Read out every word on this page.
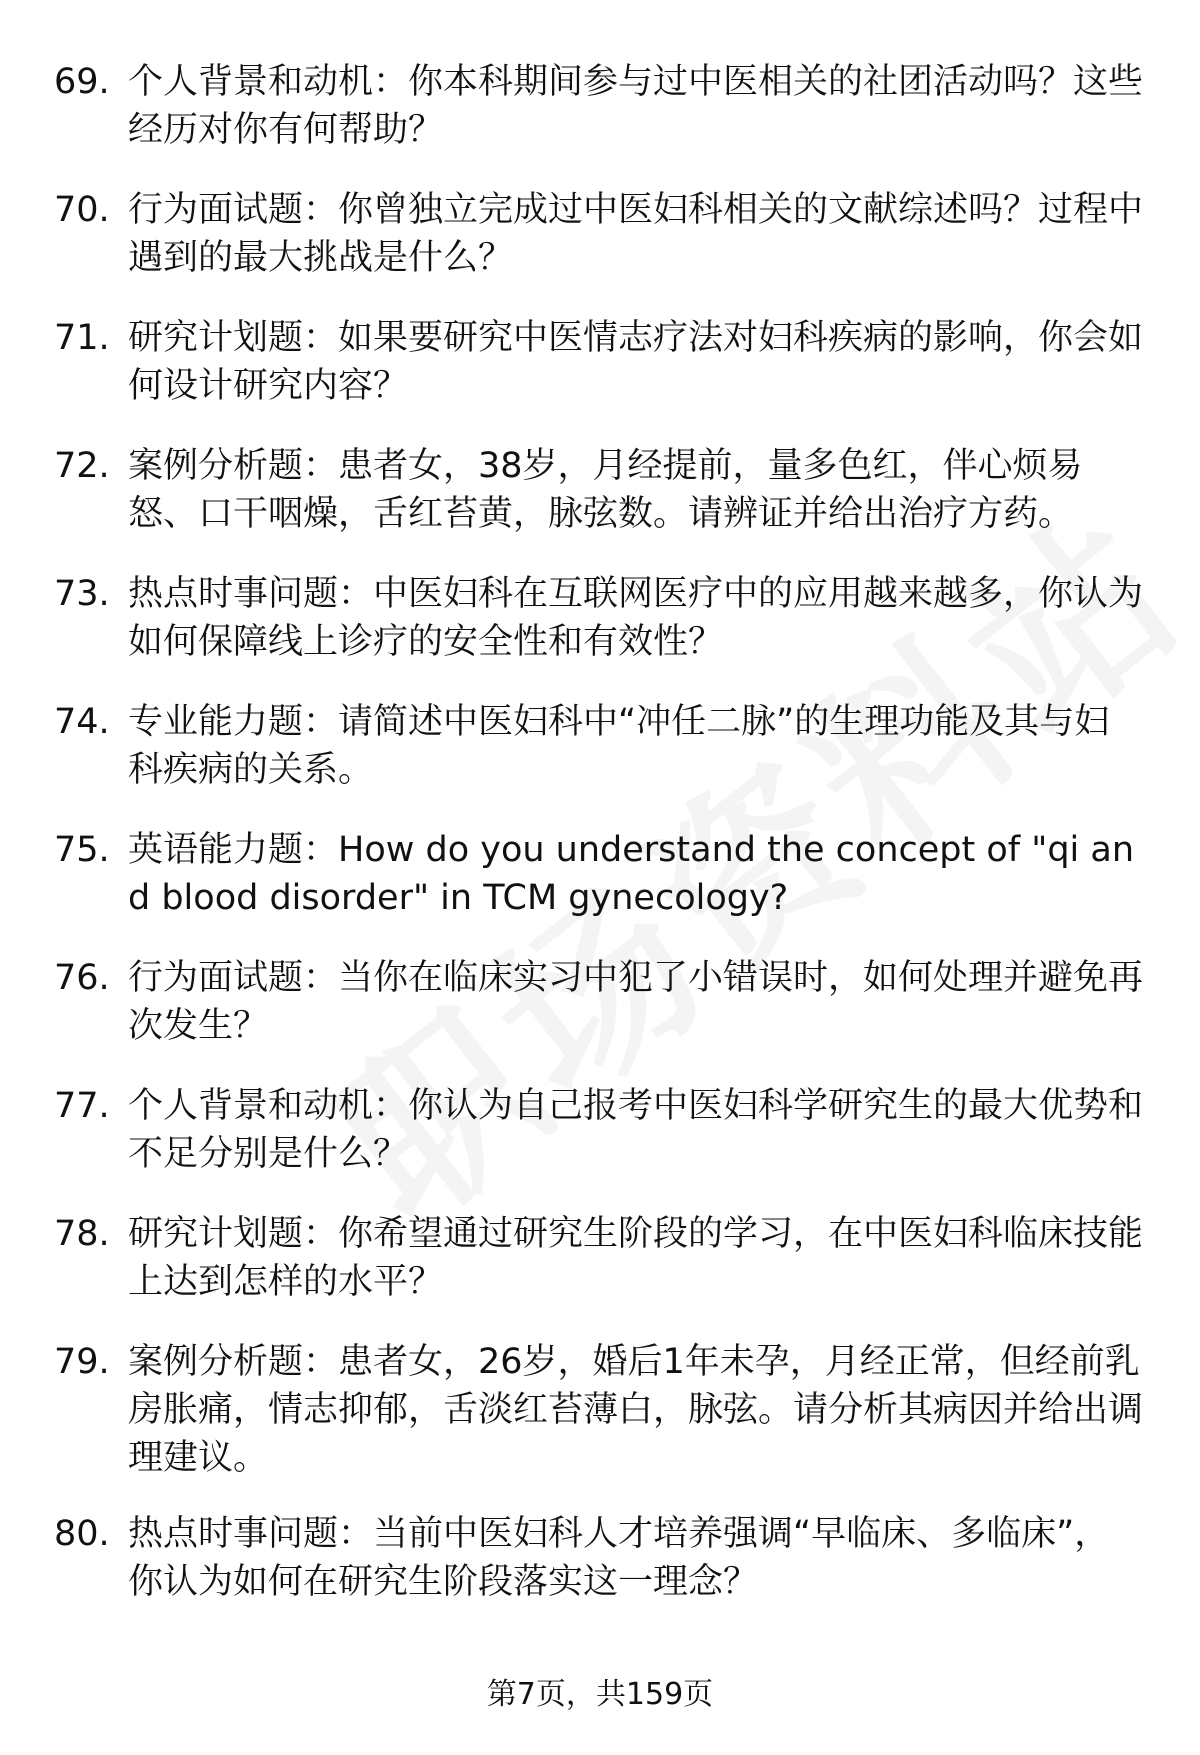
69. 个人背景和动机：你本科期间参与过中医相关的社团活动吗？这些经历对你有何帮助？
70. 行为面试题：你曾独立完成过中医妇科相关的文献综述吗？过程中遇到的最大挑战是什么？
71. 研究计划题：如果要研究中医情志疗法对妇科疾病的影响，你会如何设计研究内容？
72. 案例分析题：患者女，38岁，月经提前，量多色红，伴心烦易怒、口干咽燥，舌红苔黄，脉弦数。请辨证并给出治疗方药。
73. 热点时事问题：中医妇科在互联网医疗中的应用越来越多，你认为如何保障线上诊疗的安全性和有效性？
74. 专业能力题：请简述中医妇科中“冲任二脉”的生理功能及其与妇科疾病的关系。
75. 英语能力题：How do you understand the concept of "qi and blood disorder" in TCM gynecology?
76. 行为面试题：当你在临床实习中犯了小错误时，如何处理并避免再次发生？
77. 个人背景和动机：你认为自己报考中医妇科学研究生的最大优势和不足分别是什么？
78. 研究计划题：你希望通过研究生阶段的学习，在中医妇科临床技能上达到怎样的水平？
79. 案例分析题：患者女，26岁，婚后1年未孕，月经正常，但经前乳房胀痛，情志抑郁，舌淡红苔薄白，脉弦。请分析其病因并给出调理建议。
80. 热点时事问题：当前中医妇科人才培养强调“早临床、多临床”，你认为如何在研究生阶段落实这一理念？
第7页，共159页
